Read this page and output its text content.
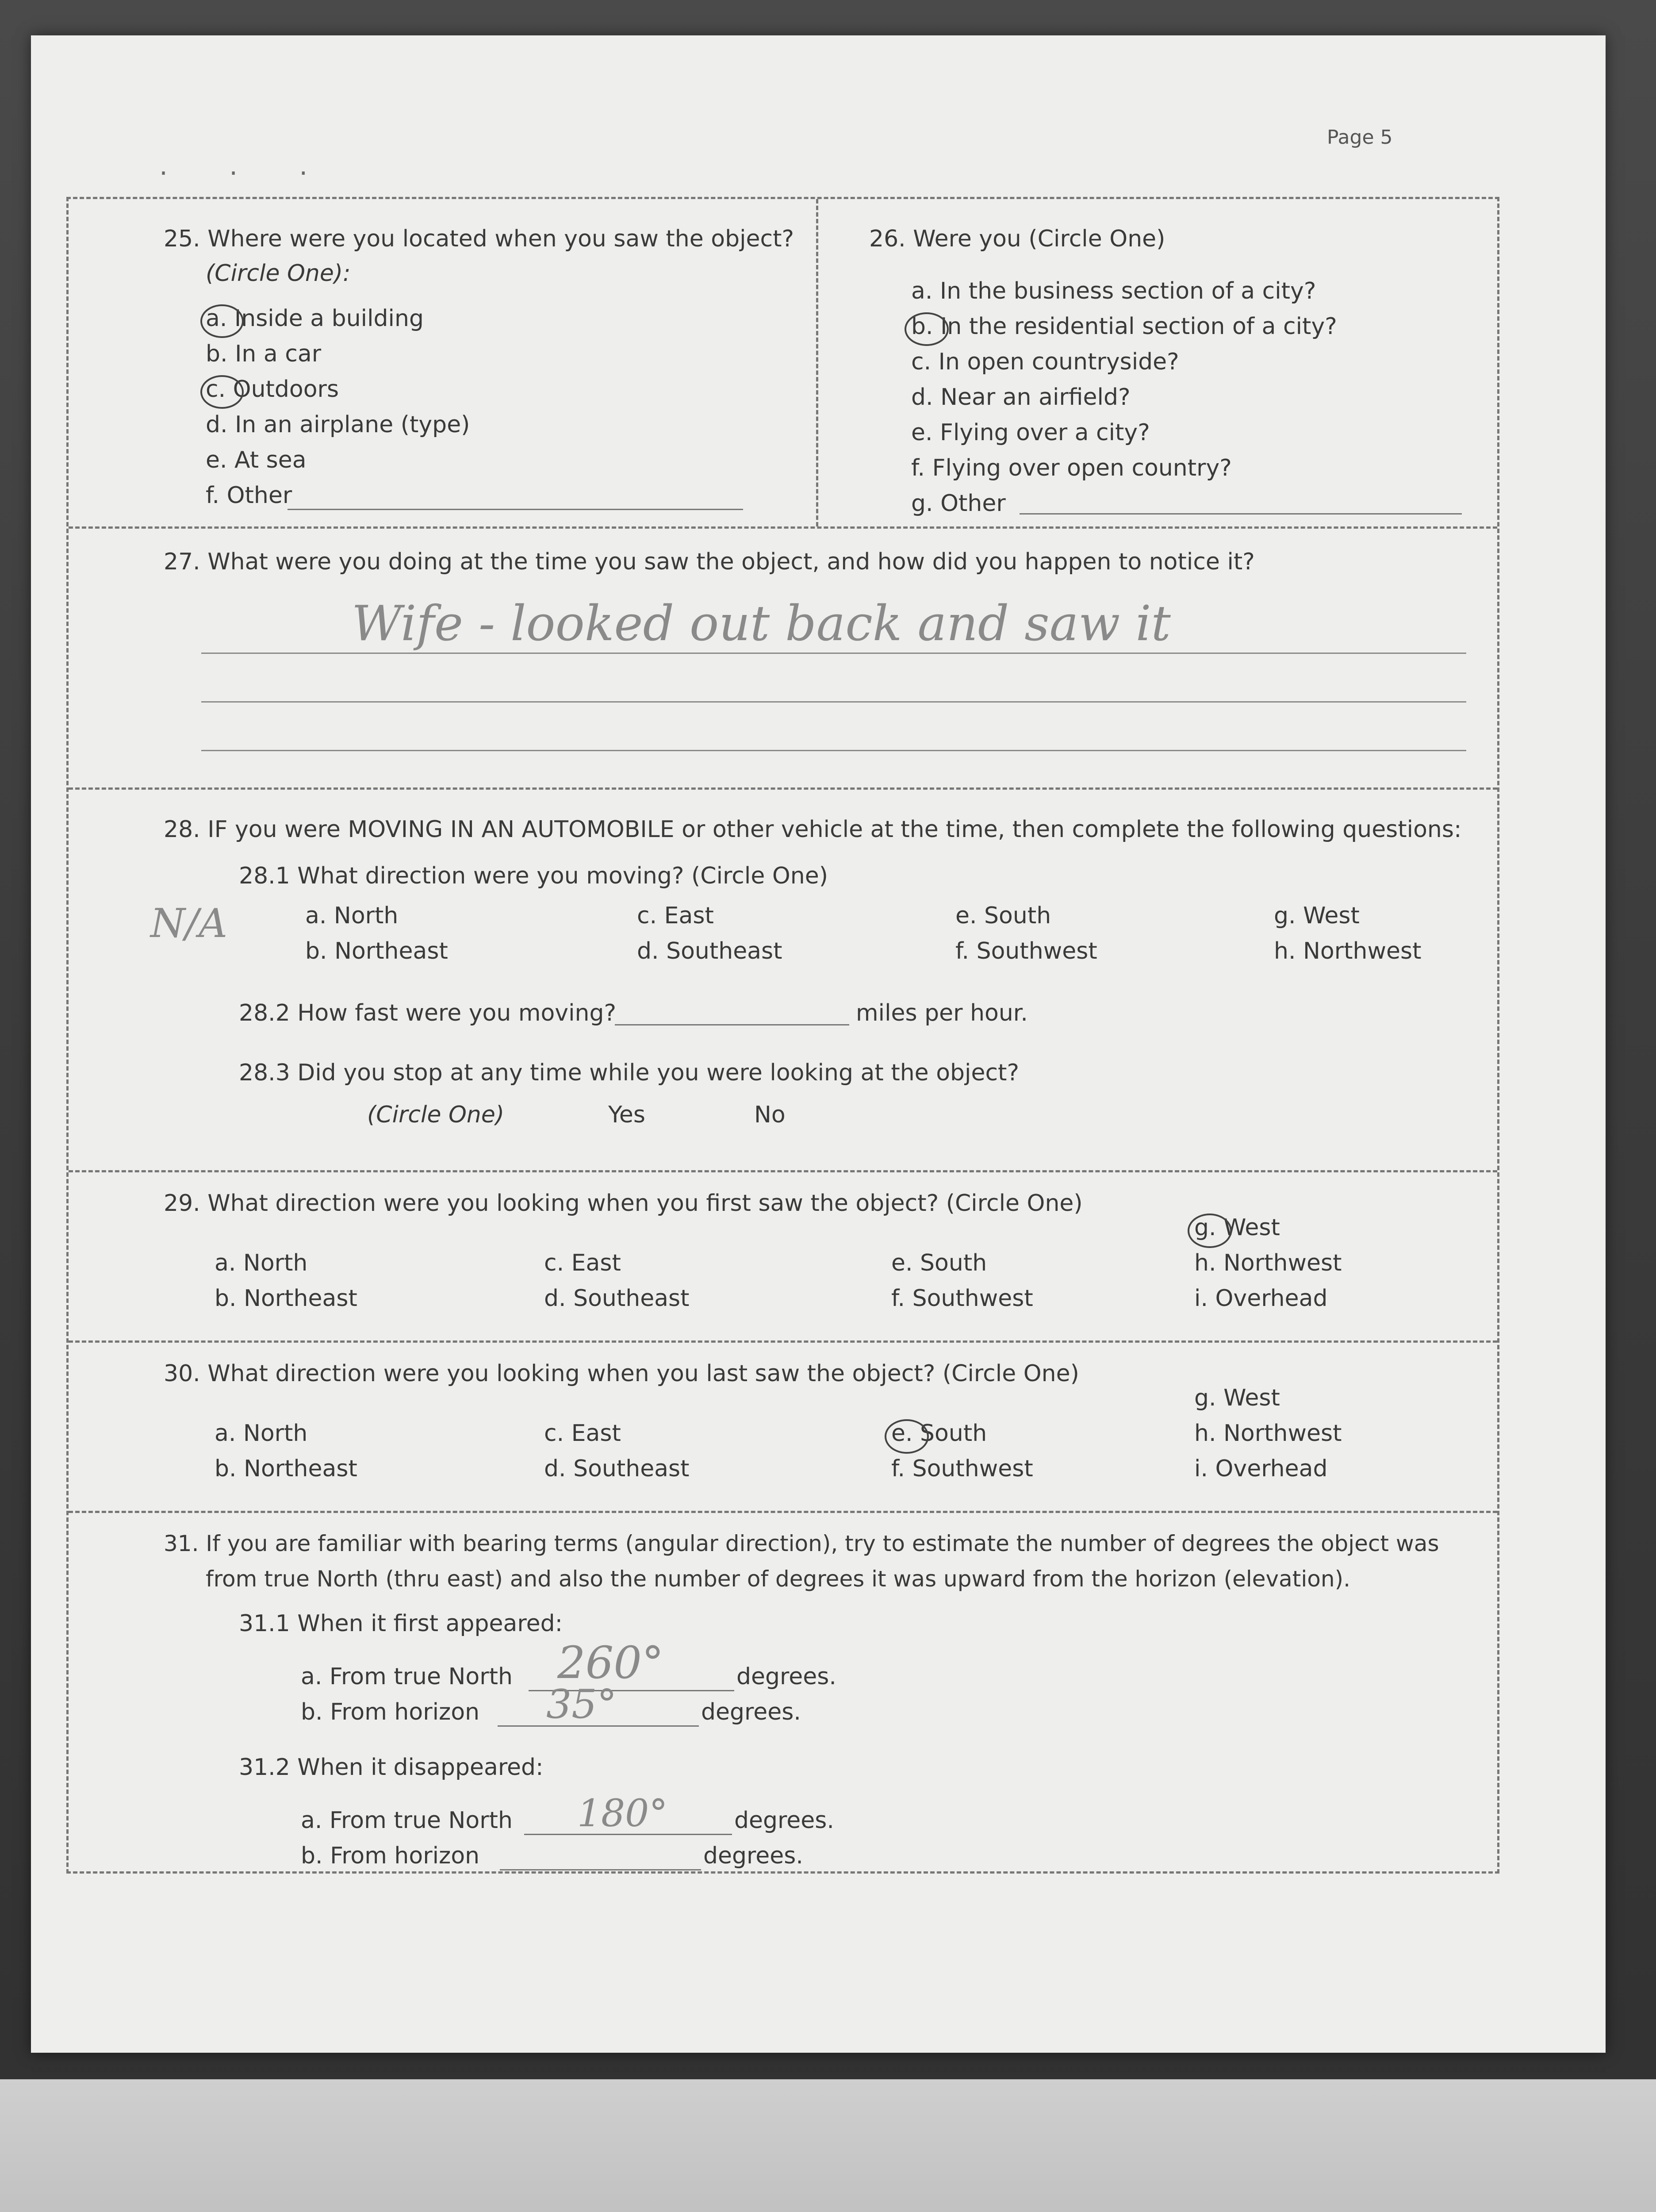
. . .
Page 5
25. Where were you located when you saw the object?
(Circle One):
a. Inside a building
b. In a car
c. Outdoors
d. In an airplane (type)
e. At sea
f. Other
26. Were you (Circle One)
a. In the business section of a city?
b. In the residential section of a city?
c. In open countryside?
d. Near an airfield?
e. Flying over a city?
f. Flying over open country?
g. Other
27. What were you doing at the time you saw the object, and how did you happen to notice it?
Wife - looked out back and saw it
28. IF you were MOVING IN AN AUTOMOBILE or other vehicle at the time, then complete the following questions:
28.1 What direction were you moving? (Circle One)
N/A	a. North
b. Northeast
c. East
d. Southeast
e. South
f. Southwest
g. West
h. Northwest
28.2 How fast were you moving?	miles per hour.
28.3 Did you stop at any time while you were looking at the object?
(Circle One)	Yes	No
29. What direction were you looking when you first saw the object? (Circle One)
a. North
b. Northeast
c. East
d. Southeast
e. South
f. Southwest
g. West
h. Northwest
i. Overhead
30. What direction were you looking when you last saw the object? (Circle One)
a. North
b. Northeast
c. East
d. Southeast
e. South
f. Southwest
g. West
h. Northwest
i. Overhead
31. If you are familiar with bearing terms (angular direction), try to estimate the number of degrees the object was
from true North (thru east) and also the number of degrees it was upward from the horizon (elevation).
31.1 When it first appeared:
a. From true North 260°	degrees.
b. From horizon 35°	degrees.
31.2 When it disappeared:
a. From true North 180°	degrees.
b. From horizon	degrees.
